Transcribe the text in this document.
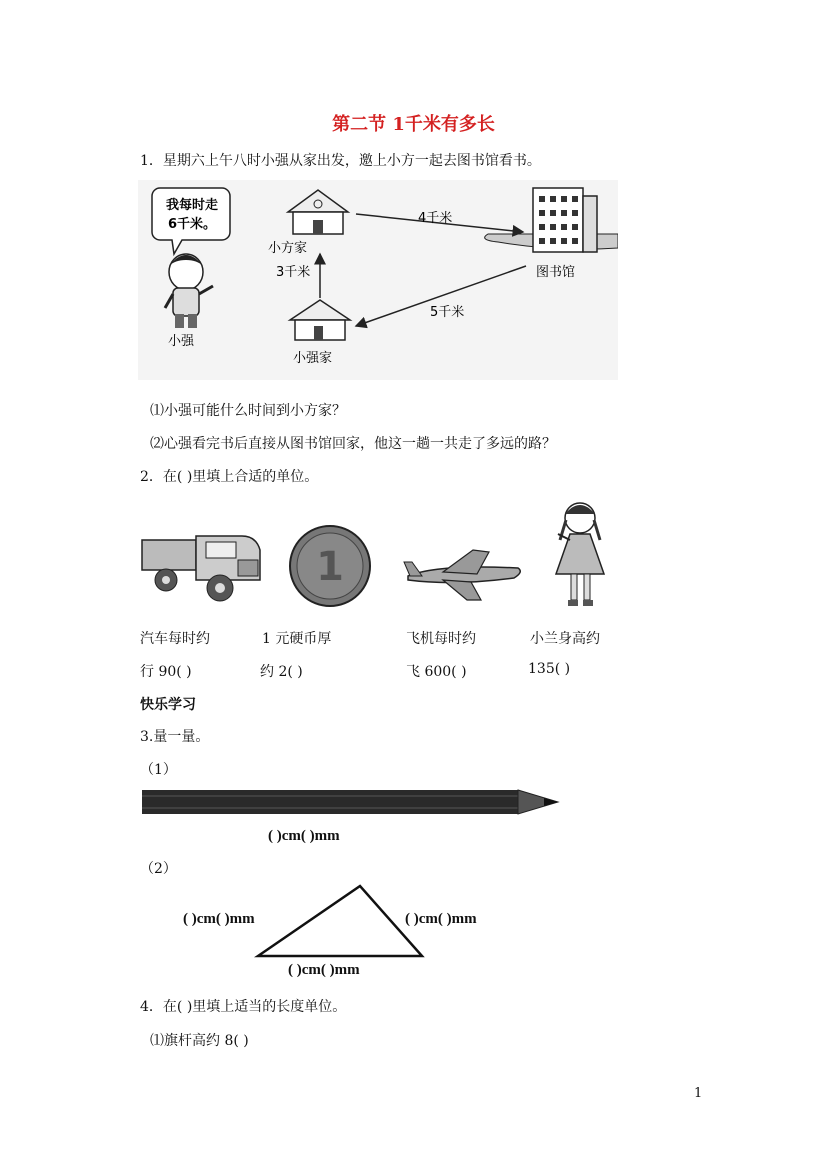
第二节 1千米有多长
1．星期六上午八时小强从家出发，邀上小方一起去图书馆看书。
我每时走
6千米。
小强
小方家
小强家
图书馆
3千米
4千米
5千米
⑴小强可能什么时间到小方家？
⑵心强看完书后直接从图书馆回家，他这一趟一共走了多远的路？
2．在( )里填上合适的单位。
1
汽车每时约
行 90( )
1 元硬币厚
约 2( )
飞机每时约
飞 600( )
小兰身高约
135( )
快乐学习
3.量一量。
（1）
( )cm( )mm
（2）
( )cm( )mm	( )cm( )mm
( )cm( )mm
4．在( )里填上适当的长度单位。
⑴旗杆高约 8( )
1
